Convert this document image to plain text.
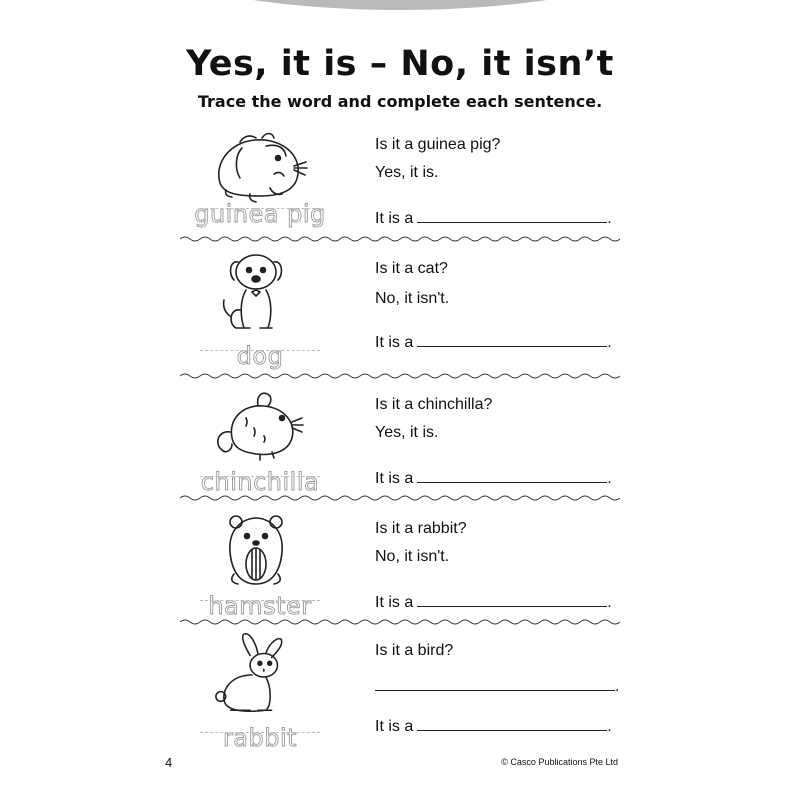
Yes, it is – No, it isn’t
Trace the word and complete each sentence.
guinea pig
Is it a guinea pig?
Yes, it is.
It is a	.
dog
Is it a cat?
No, it isn't.
It is a	.
chinchilla
Is it a chinchilla?
Yes, it is.
It is a	.
hamster
Is it a rabbit?
No, it isn't.
It is a	.
rabbit
Is it a bird?
.
It is a	.
4	© Casco Publications Pte Ltd
